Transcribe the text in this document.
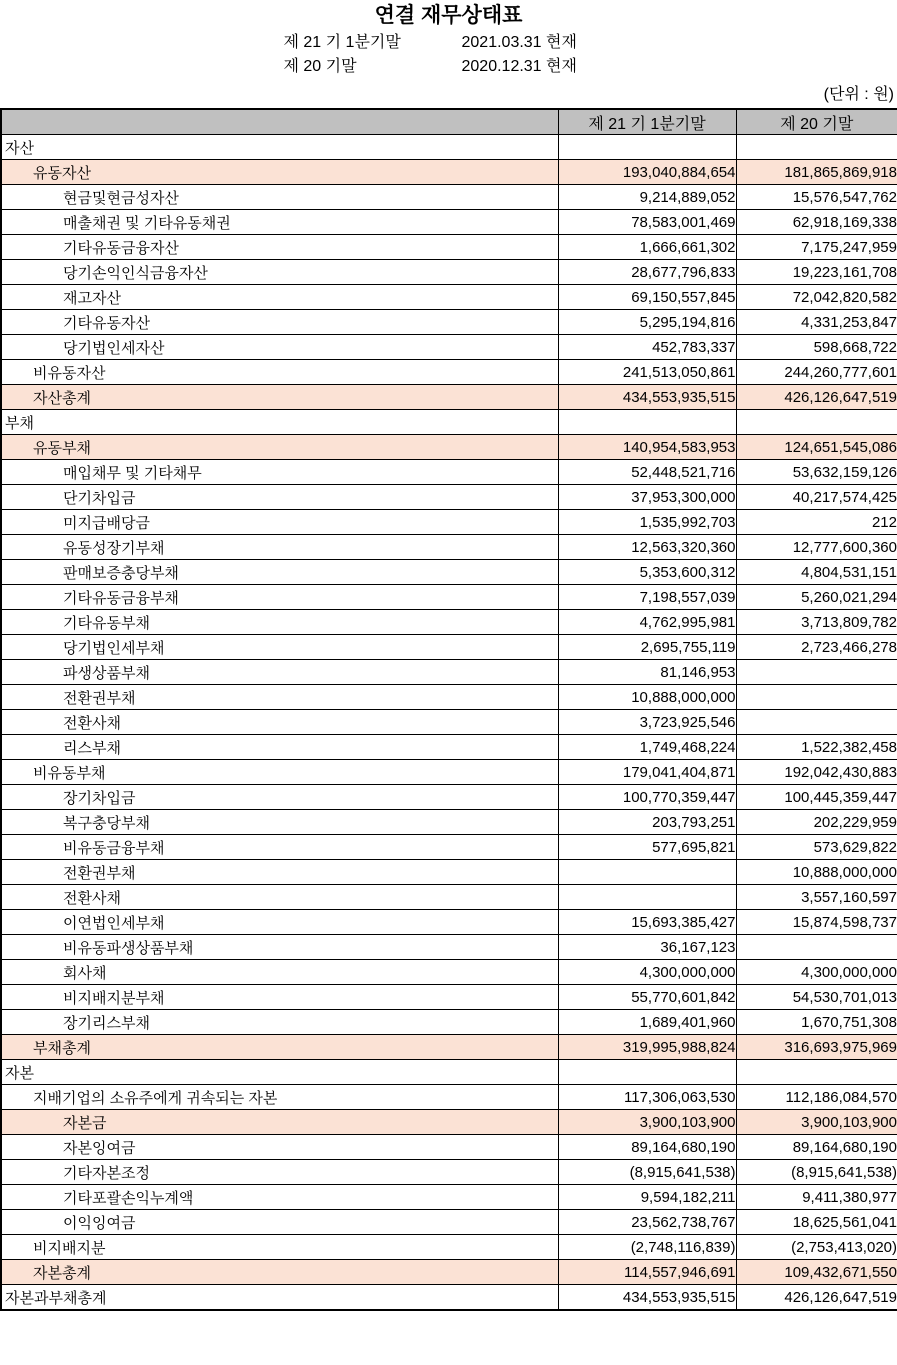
연결 재무상태표
제 21 기 1분기말	2021.03.31 현재
제 20 기말	2020.12.31 현재
(단위 : 원)
	제 21 기 1분기말	제 20 기말
자산		
유동자산	193,040,884,654	181,865,869,918
현금및현금성자산	9,214,889,052	15,576,547,762
매출채권 및 기타유동채권	78,583,001,469	62,918,169,338
기타유동금융자산	1,666,661,302	7,175,247,959
당기손익인식금융자산	28,677,796,833	19,223,161,708
재고자산	69,150,557,845	72,042,820,582
기타유동자산	5,295,194,816	4,331,253,847
당기법인세자산	452,783,337	598,668,722
비유동자산	241,513,050,861	244,260,777,601
자산총계	434,553,935,515	426,126,647,519
부채		
유동부채	140,954,583,953	124,651,545,086
매입채무 및 기타채무	52,448,521,716	53,632,159,126
단기차입금	37,953,300,000	40,217,574,425
미지급배당금	1,535,992,703	212
유동성장기부채	12,563,320,360	12,777,600,360
판매보증충당부채	5,353,600,312	4,804,531,151
기타유동금융부채	7,198,557,039	5,260,021,294
기타유동부채	4,762,995,981	3,713,809,782
당기법인세부채	2,695,755,119	2,723,466,278
파생상품부채	81,146,953	
전환권부채	10,888,000,000	
전환사채	3,723,925,546	
리스부채	1,749,468,224	1,522,382,458
비유동부채	179,041,404,871	192,042,430,883
장기차입금	100,770,359,447	100,445,359,447
복구충당부채	203,793,251	202,229,959
비유동금융부채	577,695,821	573,629,822
전환권부채		10,888,000,000
전환사채		3,557,160,597
이연법인세부채	15,693,385,427	15,874,598,737
비유동파생상품부채	36,167,123	
회사채	4,300,000,000	4,300,000,000
비지배지분부채	55,770,601,842	54,530,701,013
장기리스부채	1,689,401,960	1,670,751,308
부채총계	319,995,988,824	316,693,975,969
자본		
지배기업의 소유주에게 귀속되는 자본	117,306,063,530	112,186,084,570
자본금	3,900,103,900	3,900,103,900
자본잉여금	89,164,680,190	89,164,680,190
기타자본조정	(8,915,641,538)	(8,915,641,538)
기타포괄손익누계액	9,594,182,211	9,411,380,977
이익잉여금	23,562,738,767	18,625,561,041
비지배지분	(2,748,116,839)	(2,753,413,020)
자본총계	114,557,946,691	109,432,671,550
자본과부채총계	434,553,935,515	426,126,647,519
